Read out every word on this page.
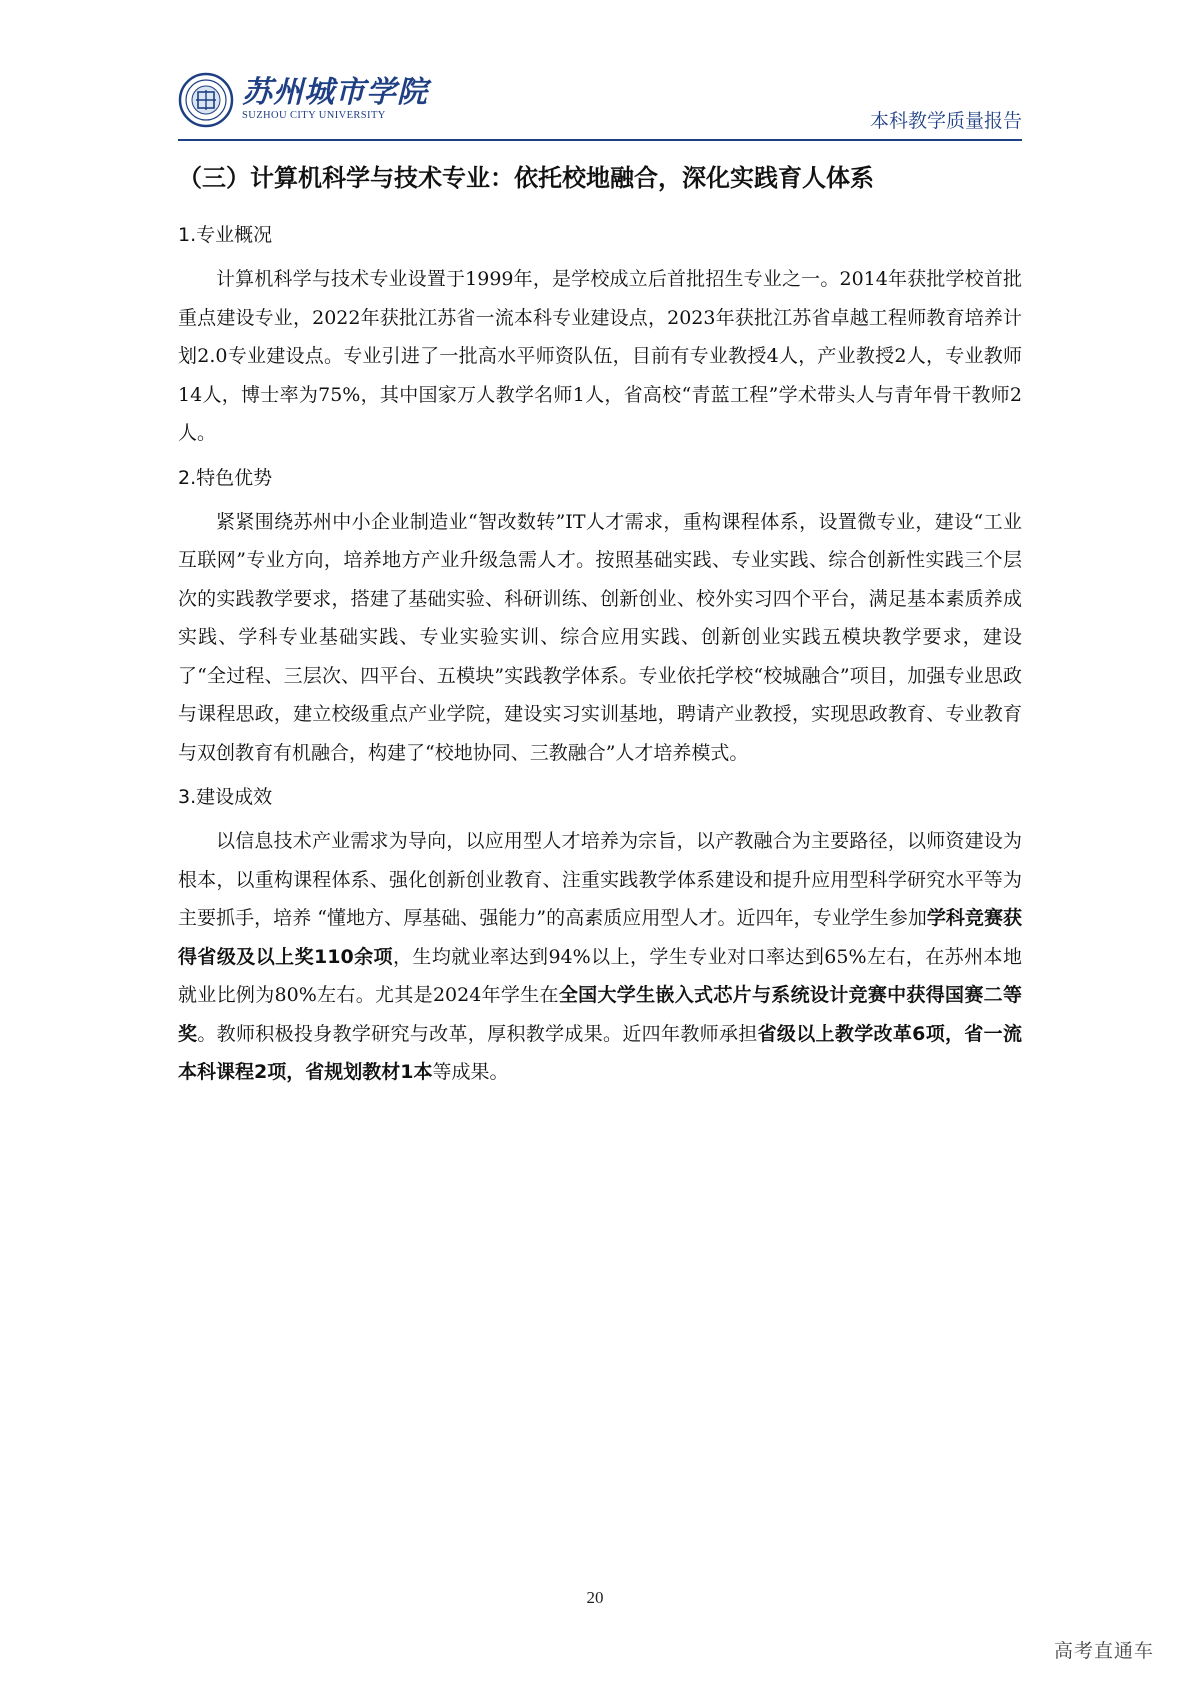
苏州城市学院
SUZHOU CITY UNIVERSITY	本科教学质量报告
（三）计算机科学与技术专业：依托校地融合，深化实践育人体系
1.专业概况

计算机科学与技术专业设置于1999年，是学校成立后首批招生专业之一。2014年获批学校首批重点建设专业，2022年获批江苏省一流本科专业建设点，2023年获批江苏省卓越工程师教育培养计划2.0专业建设点。专业引进了一批高水平师资队伍，目前有专业教授4人，产业教授2人，专业教师14人，博士率为75%，其中国家万人教学名师1人，省高校“青蓝工程”学术带头人与青年骨干教师2人。

2.特色优势

紧紧围绕苏州中小企业制造业“智改数转”IT人才需求，重构课程体系，设置微专业，建设“工业互联网”专业方向，培养地方产业升级急需人才。按照基础实践、专业实践、综合创新性实践三个层次的实践教学要求，搭建了基础实验、科研训练、创新创业、校外实习四个平台，满足基本素质养成实践、学科专业基础实践、专业实验实训、综合应用实践、创新创业实践五模块教学要求，建设了“全过程、三层次、四平台、五模块”实践教学体系。专业依托学校“校城融合”项目，加强专业思政与课程思政，建立校级重点产业学院，建设实习实训基地，聘请产业教授，实现思政教育、专业教育与双创教育有机融合，构建了“校地协同、三教融合”人才培养模式。

3.建设成效

以信息技术产业需求为导向，以应用型人才培养为宗旨，以产教融合为主要路径，以师资建设为根本，以重构课程体系、强化创新创业教育、注重实践教学体系建设和提升应用型科学研究水平等为主要抓手，培养 “懂地方、厚基础、强能力”的高素质应用型人才。近四年，专业学生参加学科竞赛获得省级及以上奖110余项，生均就业率达到94%以上，学生专业对口率达到65%左右，在苏州本地就业比例为80%左右。尤其是2024年学生在全国大学生嵌入式芯片与系统设计竞赛中获得国赛二等奖。教师积极投身教学研究与改革，厚积教学成果。近四年教师承担省级以上教学改革6项，省一流本科课程2项，省规划教材1本等成果。

20
高考直通车
